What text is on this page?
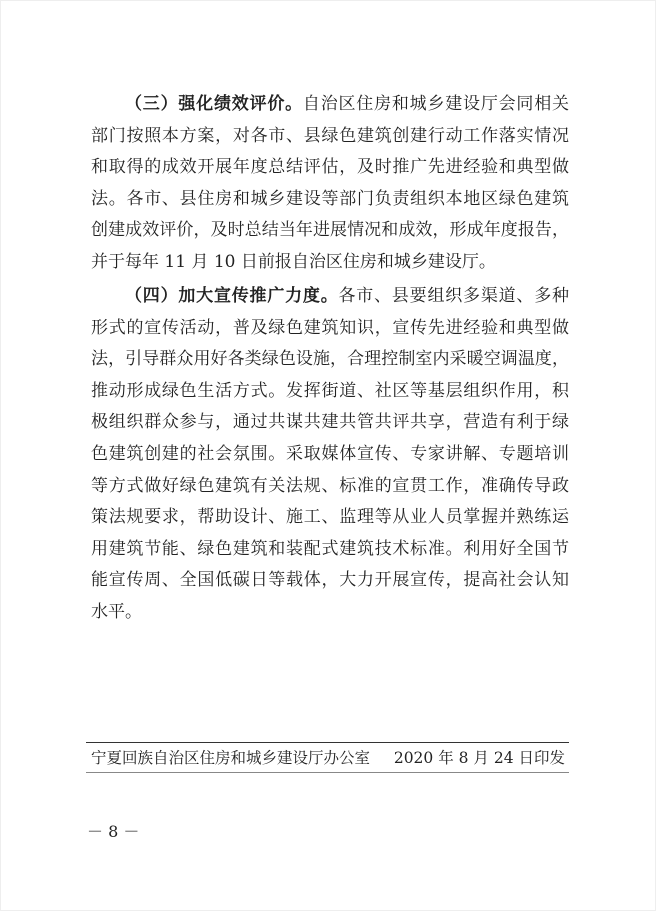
（三）强化绩效评价。自治区住房和城乡建设厅会同相关
部门按照本方案，对各市、县绿色建筑创建行动工作落实情况
和取得的成效开展年度总结评估，及时推广先进经验和典型做
法。各市、县住房和城乡建设等部门负责组织本地区绿色建筑
创建成效评价，及时总结当年进展情况和成效，形成年度报告，
并于每年 11 月 10 日前报自治区住房和城乡建设厅。
（四）加大宣传推广力度。各市、县要组织多渠道、多种
形式的宣传活动，普及绿色建筑知识，宣传先进经验和典型做
法，引导群众用好各类绿色设施，合理控制室内采暖空调温度，
推动形成绿色生活方式。发挥街道、社区等基层组织作用，积
极组织群众参与，通过共谋共建共管共评共享，营造有利于绿
色建筑创建的社会氛围。采取媒体宣传、专家讲解、专题培训
等方式做好绿色建筑有关法规、标准的宣贯工作，准确传导政
策法规要求，帮助设计、施工、监理等从业人员掌握并熟练运
用建筑节能、绿色建筑和装配式建筑技术标准。利用好全国节
能宣传周、全国低碳日等载体，大力开展宣传，提高社会认知
水平。
宁夏回族自治区住房和城乡建设厅办公室 2020 年 8 月 24 日印发
－ 8 －
